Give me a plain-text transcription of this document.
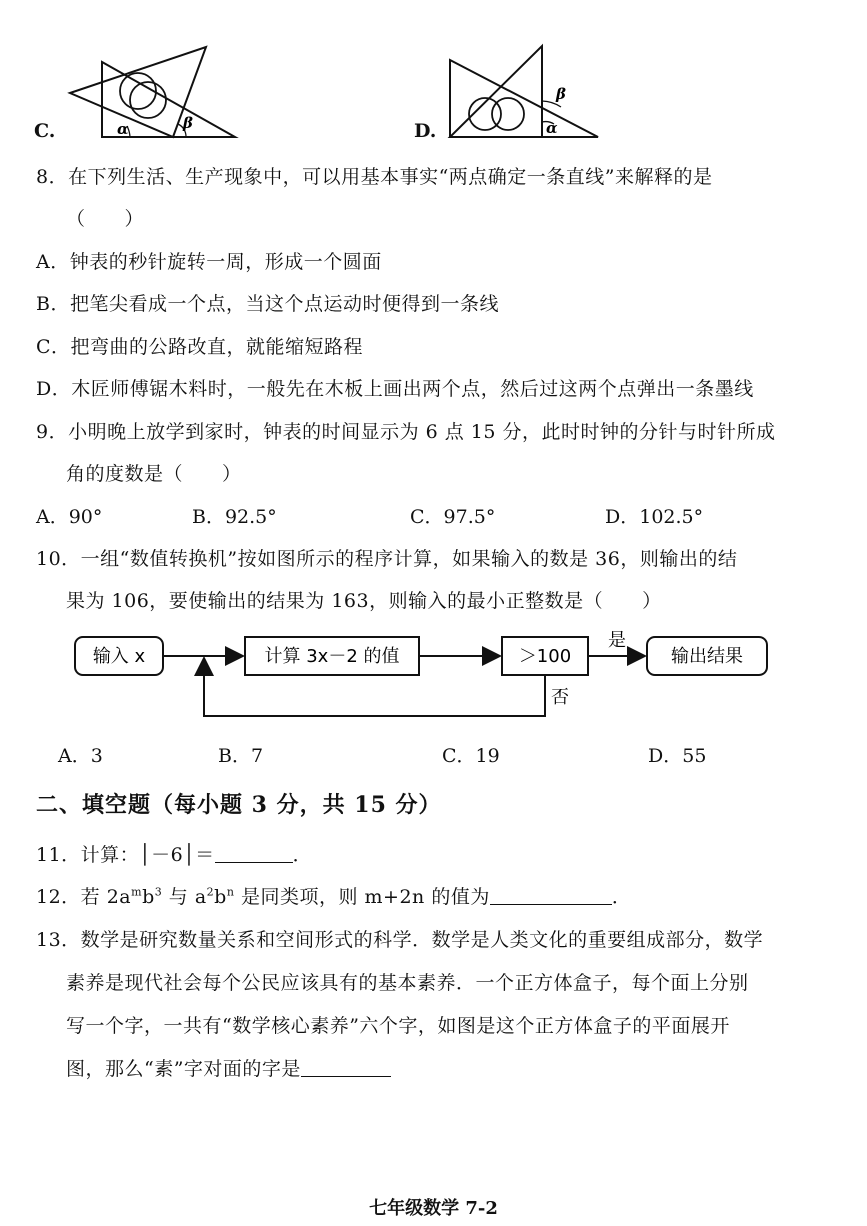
C.	α	β	D.	α
β
8．在下列生活、生产现象中，可以用基本事实“两点确定一条直线”来解释的是
（　　）
A．钟表的秒针旋转一周，形成一个圆面
B．把笔尖看成一个点，当这个点运动时便得到一条线
C．把弯曲的公路改直，就能缩短路程
D．木匠师傅锯木料时，一般先在木板上画出两个点，然后过这两个点弹出一条墨线
9．小明晚上放学到家时，钟表的时间显示为 6 点 15 分，此时时钟的分针与时针所成
角的度数是（　　）
A．90°	B．92.5°	C．97.5°	D．102.5°
10．一组“数值转换机”按如图所示的程序计算，如果输入的数是 36，则输出的结
果为 106，要使输出的结果为 163，则输入的最小正整数是（　　）
输入 x	计算 3x－2 的值	＞100	输出结果
是
否
A．3	B．7	C．19	D．55
二、填空题（每小题 3 分，共 15 分）
11．计算：│－6│＝	．
12．若 $2a^mb^3$ 与 $a^2b^n$ 是同类项，则 m+2n 的值为	．
13．数学是研究数量关系和空间形式的科学．数学是人类文化的重要组成部分，数学
素养是现代社会每个公民应该具有的基本素养．一个正方体盒子，每个面上分别
写一个字，一共有“数学核心素养”六个字，如图是这个正方体盒子的平面展开
图，那么“素”字对面的字是
七年级数学 7-2
